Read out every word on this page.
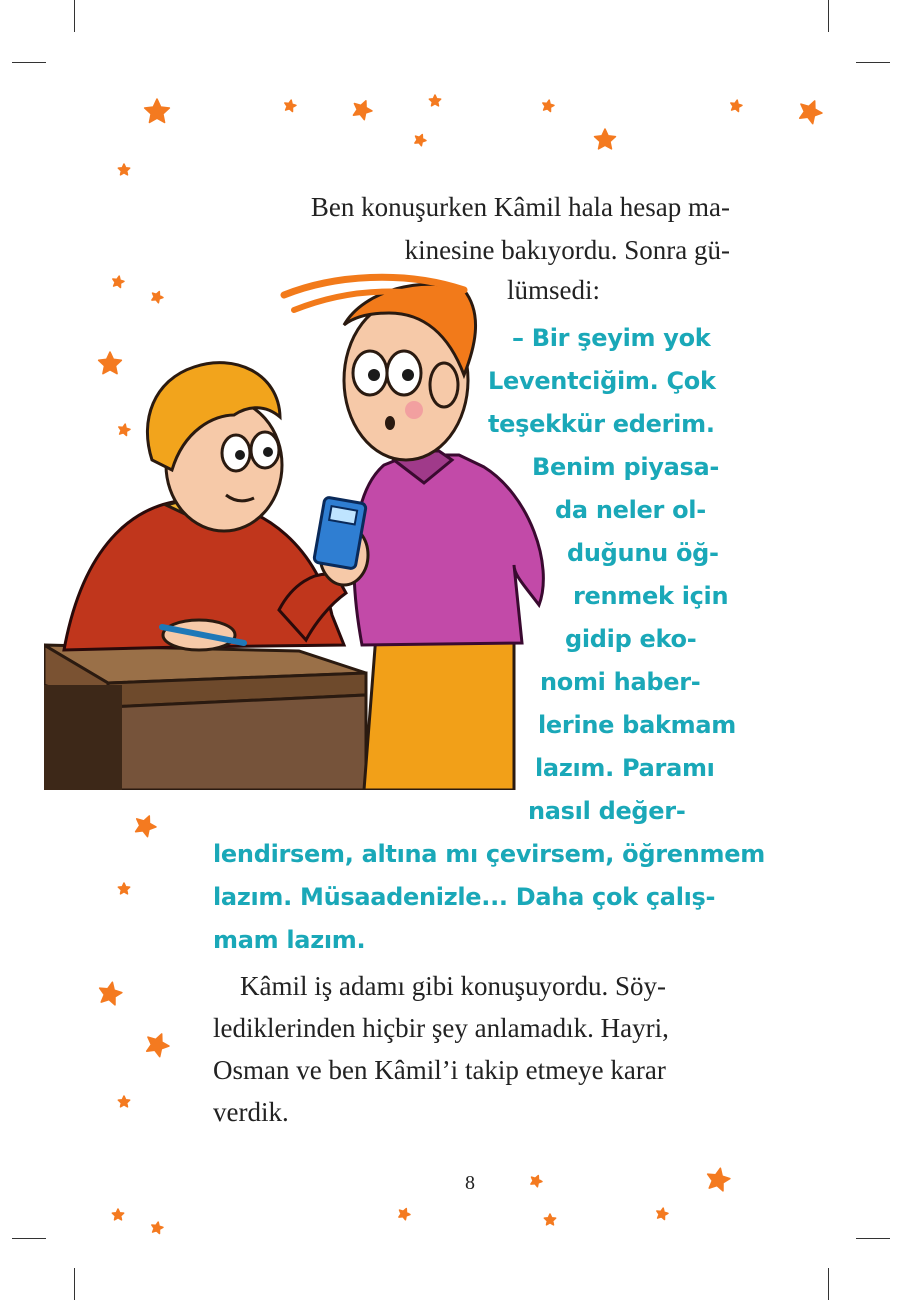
Ben konuşurken Kâmil hala hesap ma-

kinesine bakıyordu. Sonra gü-

lümsedi:

– Bir şeyim yok

Leventciğim. Çok

teşekkür ederim.

Benim piyasa-

da neler ol-

duğunu öğ-

renmek için

gidip eko-

nomi haber-

lerine bakmam

lazım. Paramı

nasıl değer-

lendirsem, altına mı çevirsem, öğrenmem

lazım. Müsaadenizle... Daha çok çalış-

mam lazım.

Kâmil iş adamı gibi konuşuyordu. Söy-

lediklerinden hiçbir şey anlamadık. Hayri,

Osman ve ben Kâmil’i takip etmeye karar

verdik.

8
